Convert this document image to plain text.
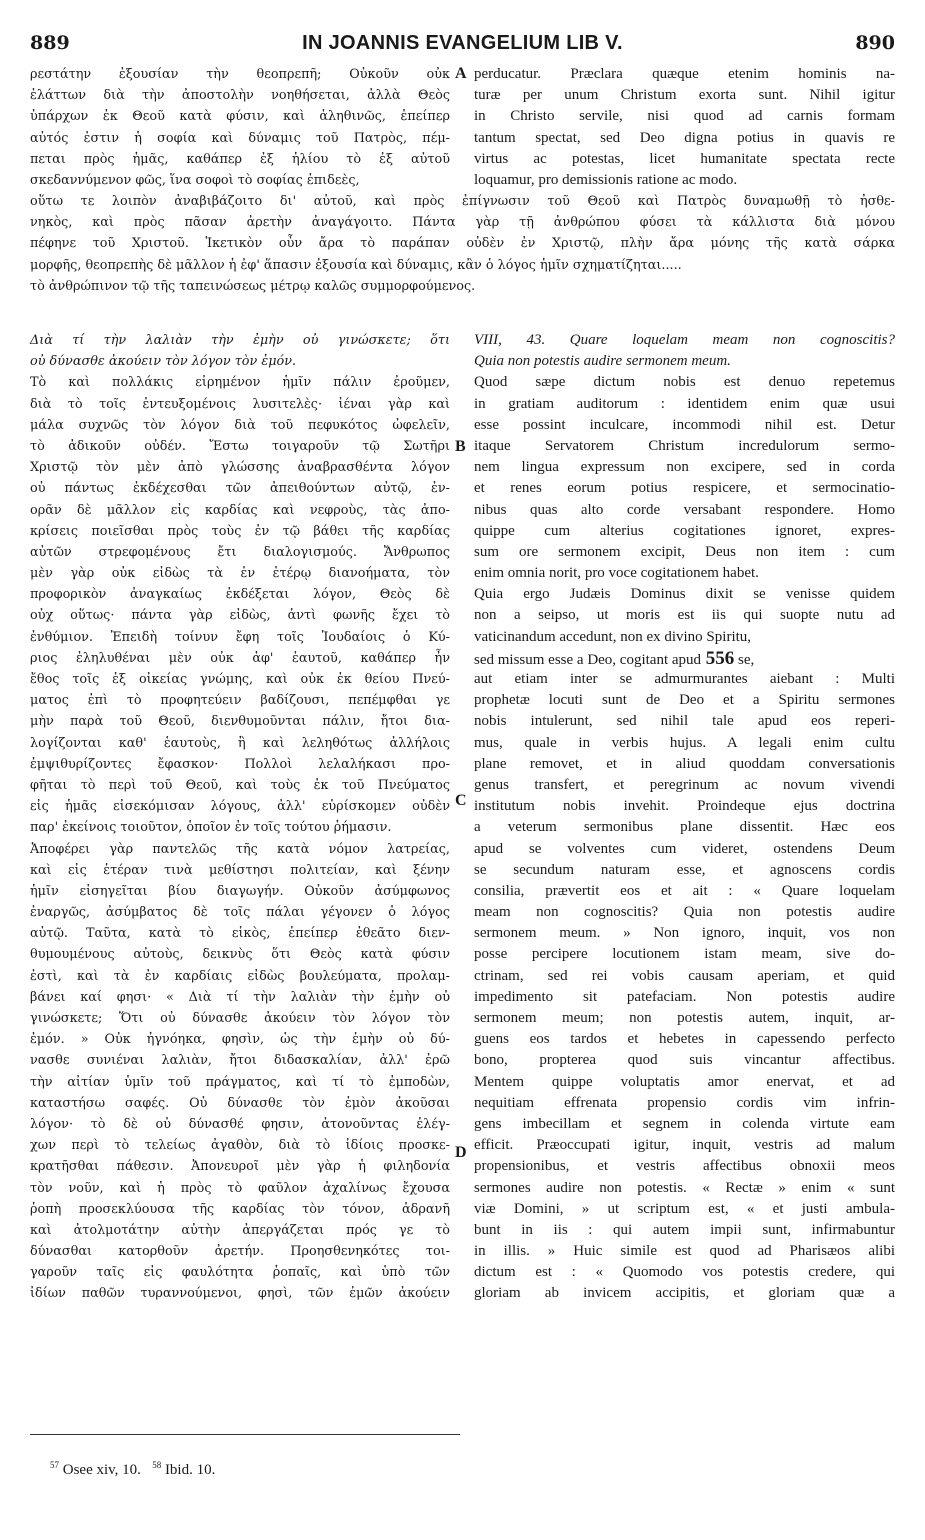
889	IN JOANNIS EVANGELIUM LIB V.	890
ρεστάτην ἐξουσίαν τὴν θεοπρεπῆ; Οὐκοῦν οὐκ
ἐλάττων διὰ τὴν ἀποστολὴν νοηθήσεται, ἀλλὰ Θεὸς
ὑπάρχων ἐκ Θεοῦ κατὰ φύσιν, καὶ ἀληθινῶς, ἐπείπερ
αὐτός ἐστιν ἡ σοφία καὶ δύναμις τοῦ Πατρὸς, πέμ-
πεται πρὸς ἡμᾶς, καθάπερ ἐξ ἡλίου τὸ ἐξ αὐτοῦ
σκεδαννύμενον φῶς, ἵνα σοφοὶ τὸ σοφίας ἐπιδεὲς,
A perducatur. Præclara quæque etenim hominis na-
turæ per unum Christum exorta sunt. Nihil igitur
in Christo servile, nisi quod ad carnis formam
tantum spectat, sed Deo digna potius in quavis re
virtus ac potestas, licet humanitate spectata recte
loquamur, pro demissionis ratione ac modo.
οὕτω τε λοιπὸν ἀναβιβάζοιτο δι' αὐτοῦ, καὶ πρὸς ἐπίγνωσιν τοῦ Θεοῦ καὶ Πατρὸς δυναμωθῇ τὸ ἠσθε-
νηκὸς, καὶ πρὸς πᾶσαν ἀρετὴν ἀναγάγοιτο. Πάντα γὰρ τῇ ἀνθρώπου φύσει τὰ κάλλιστα διὰ μόνου
πέφηνε τοῦ Χριστοῦ. Ἱκετικὸν οὖν ἄρα τὸ παράπαν οὐδὲν ἐν Χριστῷ, πλὴν ἄρα μόνης τῆς κατὰ σάρκα
μορφῆς, θεοπρεπὴς δὲ μᾶλλον ἡ ἐφ' ἅπασιν ἐξουσία καὶ δύναμις, κἂν ὁ λόγος ἡμῖν σχηματίζηται.....
τὸ ἀνθρώπινον τῷ τῆς ταπεινώσεως μέτρῳ καλῶς συμμορφούμενος.
Διὰ τί τὴν λαλιὰν τὴν ἐμὴν οὐ γινώσκετε; ὅτι
οὐ δύνασθε ἀκούειν τὸν λόγον τὸν ἐμόν.
Τὸ καὶ πολλάκις εἰρημένον ἡμῖν πάλιν ἐροῦμεν,
διὰ τὸ τοῖς ἐντευξομένοις λυσιτελὲς· ἰέναι γὰρ καὶ
μάλα συχνῶς τὸν λόγον διὰ τοῦ πεφυκότος ὠφελεῖν,
τὸ ἀδικοῦν οὐδέν. Ἔστω τοιγαροῦν τῷ Σωτῆρι
Χριστῷ τὸν μὲν ἀπὸ γλώσσης ἀναβρασθέντα λόγον
οὐ πάντως ἐκδέχεσθαι τῶν ἀπειθούντων αὐτῷ, ἐν-
ορᾶν δὲ μᾶλλον εἰς καρδίας καὶ νεφροὺς, τὰς ἀπο-
κρίσεις ποιεῖσθαι πρὸς τοὺς ἐν τῷ βάθει τῆς καρδίας
αὐτῶν στρεφομένους ἔτι διαλογισμούς. Ἄνθρωπος
μὲν γὰρ οὐκ εἰδὼς τὰ ἐν ἑτέρῳ διανοήματα, τὸν
προφορικὸν ἀναγκαίως ἐκδέξεται λόγον, Θεὸς δὲ
οὐχ οὕτως· πάντα γὰρ εἰδὼς, ἀντὶ φωνῆς ἔχει τὸ
ἐνθύμιον. Ἐπειδὴ τοίνυν ἔφη τοῖς Ἰουδαίοις ὁ Κύ-
ριος ἐληλυθέναι μὲν οὐκ ἀφ' ἑαυτοῦ, καθάπερ ἦν
ἔθος τοῖς ἐξ οἰκείας γνώμης, καὶ οὐκ ἐκ θείου Πνεύ-
ματος ἐπὶ τὸ προφητεύειν βαδίζουσι, πεπέμφθαι γε
μὴν παρὰ τοῦ Θεοῦ, διενθυμοῦνται πάλιν, ἤτοι δια-
λογίζονται καθ' ἑαυτοὺς, ἢ καὶ λεληθότως ἀλλήλοις
ἐμψιθυρίζοντες ἔφασκον· Πολλοὶ λελαλήκασι προ-
φῆται τὸ περὶ τοῦ Θεοῦ, καὶ τοὺς ἐκ τοῦ Πνεύματος
εἰς ἡμᾶς εἰσεκόμισαν λόγους, ἀλλ' εὑρίσκομεν οὐδὲν
παρ' ἐκείνοις τοιοῦτον, ὁποῖον ἐν τοῖς τούτου ῥήμασιν.
Ἀποφέρει γὰρ παντελῶς τῆς κατὰ νόμον λατρείας,
καὶ εἰς ἑτέραν τινὰ μεθίστησι πολιτείαν, καὶ ξένην
ἡμῖν εἰσηγεῖται βίου διαγωγήν. Οὐκοῦν ἀσύμφωνος
ἐναργῶς, ἀσύμβατος δὲ τοῖς πάλαι γέγονεν ὁ λόγος
αὐτῷ. Ταῦτα, κατὰ τὸ εἰκὸς, ἐπείπερ ἐθεᾶτο διεν-
θυμουμένους αὐτοὺς, δεικνὺς ὅτι Θεὸς κατὰ φύσιν
ἐστὶ, καὶ τὰ ἐν καρδίαις εἰδὼς βουλεύματα, προλαμ-
βάνει καί φησι· « Διὰ τί τὴν λαλιὰν τὴν ἐμὴν οὐ
γινώσκετε; Ὅτι οὐ δύνασθε ἀκούειν τὸν λόγον τὸν
ἐμόν. » Οὐκ ἠγνόηκα, φησὶν, ὡς τὴν ἐμὴν οὐ δύ-
νασθε συνιέναι λαλιὰν, ἤτοι διδασκαλίαν, ἀλλ' ἐρῶ
τὴν αἰτίαν ὑμῖν τοῦ πράγματος, καὶ τί τὸ ἐμποδὼν,
καταστήσω σαφές. Οὐ δύνασθε τὸν ἐμὸν ἀκοῦσαι
λόγον· τὸ δὲ οὐ δύνασθέ φησιν, ἀτονοῦντας ἐλέγ-
χων περὶ τὸ τελείως ἀγαθὸν, διὰ τὸ ἰδίοις προσκε-
κρατῆσθαι πάθεσιν. Ἀπονευροῖ μὲν γὰρ ἡ φιληδονία
τὸν νοῦν, καὶ ἡ πρὸς τὸ φαῦλον ἀχαλίνως ἔχουσα
ῥοπὴ προσεκλύουσα τῆς καρδίας τὸν τόνον, ἀδρανῆ
καὶ ἀτολμοτάτην αὐτὴν ἀπεργάζεται πρός γε τὸ
δύνασθαι κατορθοῦν ἀρετήν. Προησθενηκότες τοι-
γαροῦν ταῖς εἰς φαυλότητα ῥοπαῖς, καὶ ὑπὸ τῶν
ἰδίων παθῶν τυραννούμενοι, φησὶ, τῶν ἐμῶν ἀκούειν
VIII, 43. Quare loquelam meam non cognoscitis?
Quia non potestis audire sermonem meum.
Quod sæpe dictum nobis est denuo repetemus
in gratiam auditorum : identidem enim quæ usui
esse possint inculcare, incommodi nihil est. Detur
itaque Servatorem Christum incredulorum sermo-
nem lingua expressum non excipere, sed in corda
et renes eorum potius respicere, et sermocinatio-
nibus quas alto corde versabant respondere. Homo
quippe cum alterius cogitationes ignoret, expres-
sum ore sermonem excipit, Deus non item : cum
enim omnia norit, pro voce cogitationem habet.
Quia ergo Judæis Dominus dixit se venisse quidem
non a seipso, ut moris est iis qui suopte nutu ad
vaticinandum accedunt, non ex divino Spiritu,
sed missum esse a Deo, cogitant apud 556 se,
aut etiam inter se admurmurantes aiebant : Multi
prophetæ locuti sunt de Deo et a Spiritu sermones
nobis intulerunt, sed nihil tale apud eos reperi-
mus, quale in verbis hujus. A legali enim cultu
plane removet, et in aliud quoddam conversationis
genus transfert, et peregrinum ac novum vivendi
institutum nobis invehit. Proindeque ejus doctrina
a veterum sermonibus plane dissentit. Hæc eos
apud se volventes cum videret, ostendens Deum
se secundum naturam esse, et agnoscens cordis
consilia, prævertit eos et ait : « Quare loquelam
meam non cognoscitis? Quia non potestis audire
sermonem meum. » Non ignoro, inquit, vos non
posse percipere locutionem istam meam, sive do-
ctrinam, sed rei vobis causam aperiam, et quid
impedimento sit patefaciam. Non potestis audire
sermonem meum; non potestis autem, inquit, ar-
guens eos tardos et hebetes in capessendo perfecto
bono, propterea quod suis vincantur affectibus.
Mentem quippe voluptatis amor enervat, et ad
nequitiam effrenata propensio cordis vim infrin-
gens imbecillam et segnem in colenda virtute eam
efficit. Præoccupati igitur, inquit, vestris ad malum
propensionibus, et vestris affectibus obnoxii meos
sermones audire non potestis. « Rectæ » enim « sunt
viæ Domini, » ut scriptum est, « et justi ambula-
bunt in iis : qui autem impii sunt, infirmabuntur
in illis. » Huic simile est quod ad Pharisæos alibi
dictum est : « Quomodo vos potestis credere, qui
gloriam ab invicem accipitis, et gloriam quæ a
B
C
D
$^{57}$ Osee xiv, 10. $^{58}$ Ibid. 10.
